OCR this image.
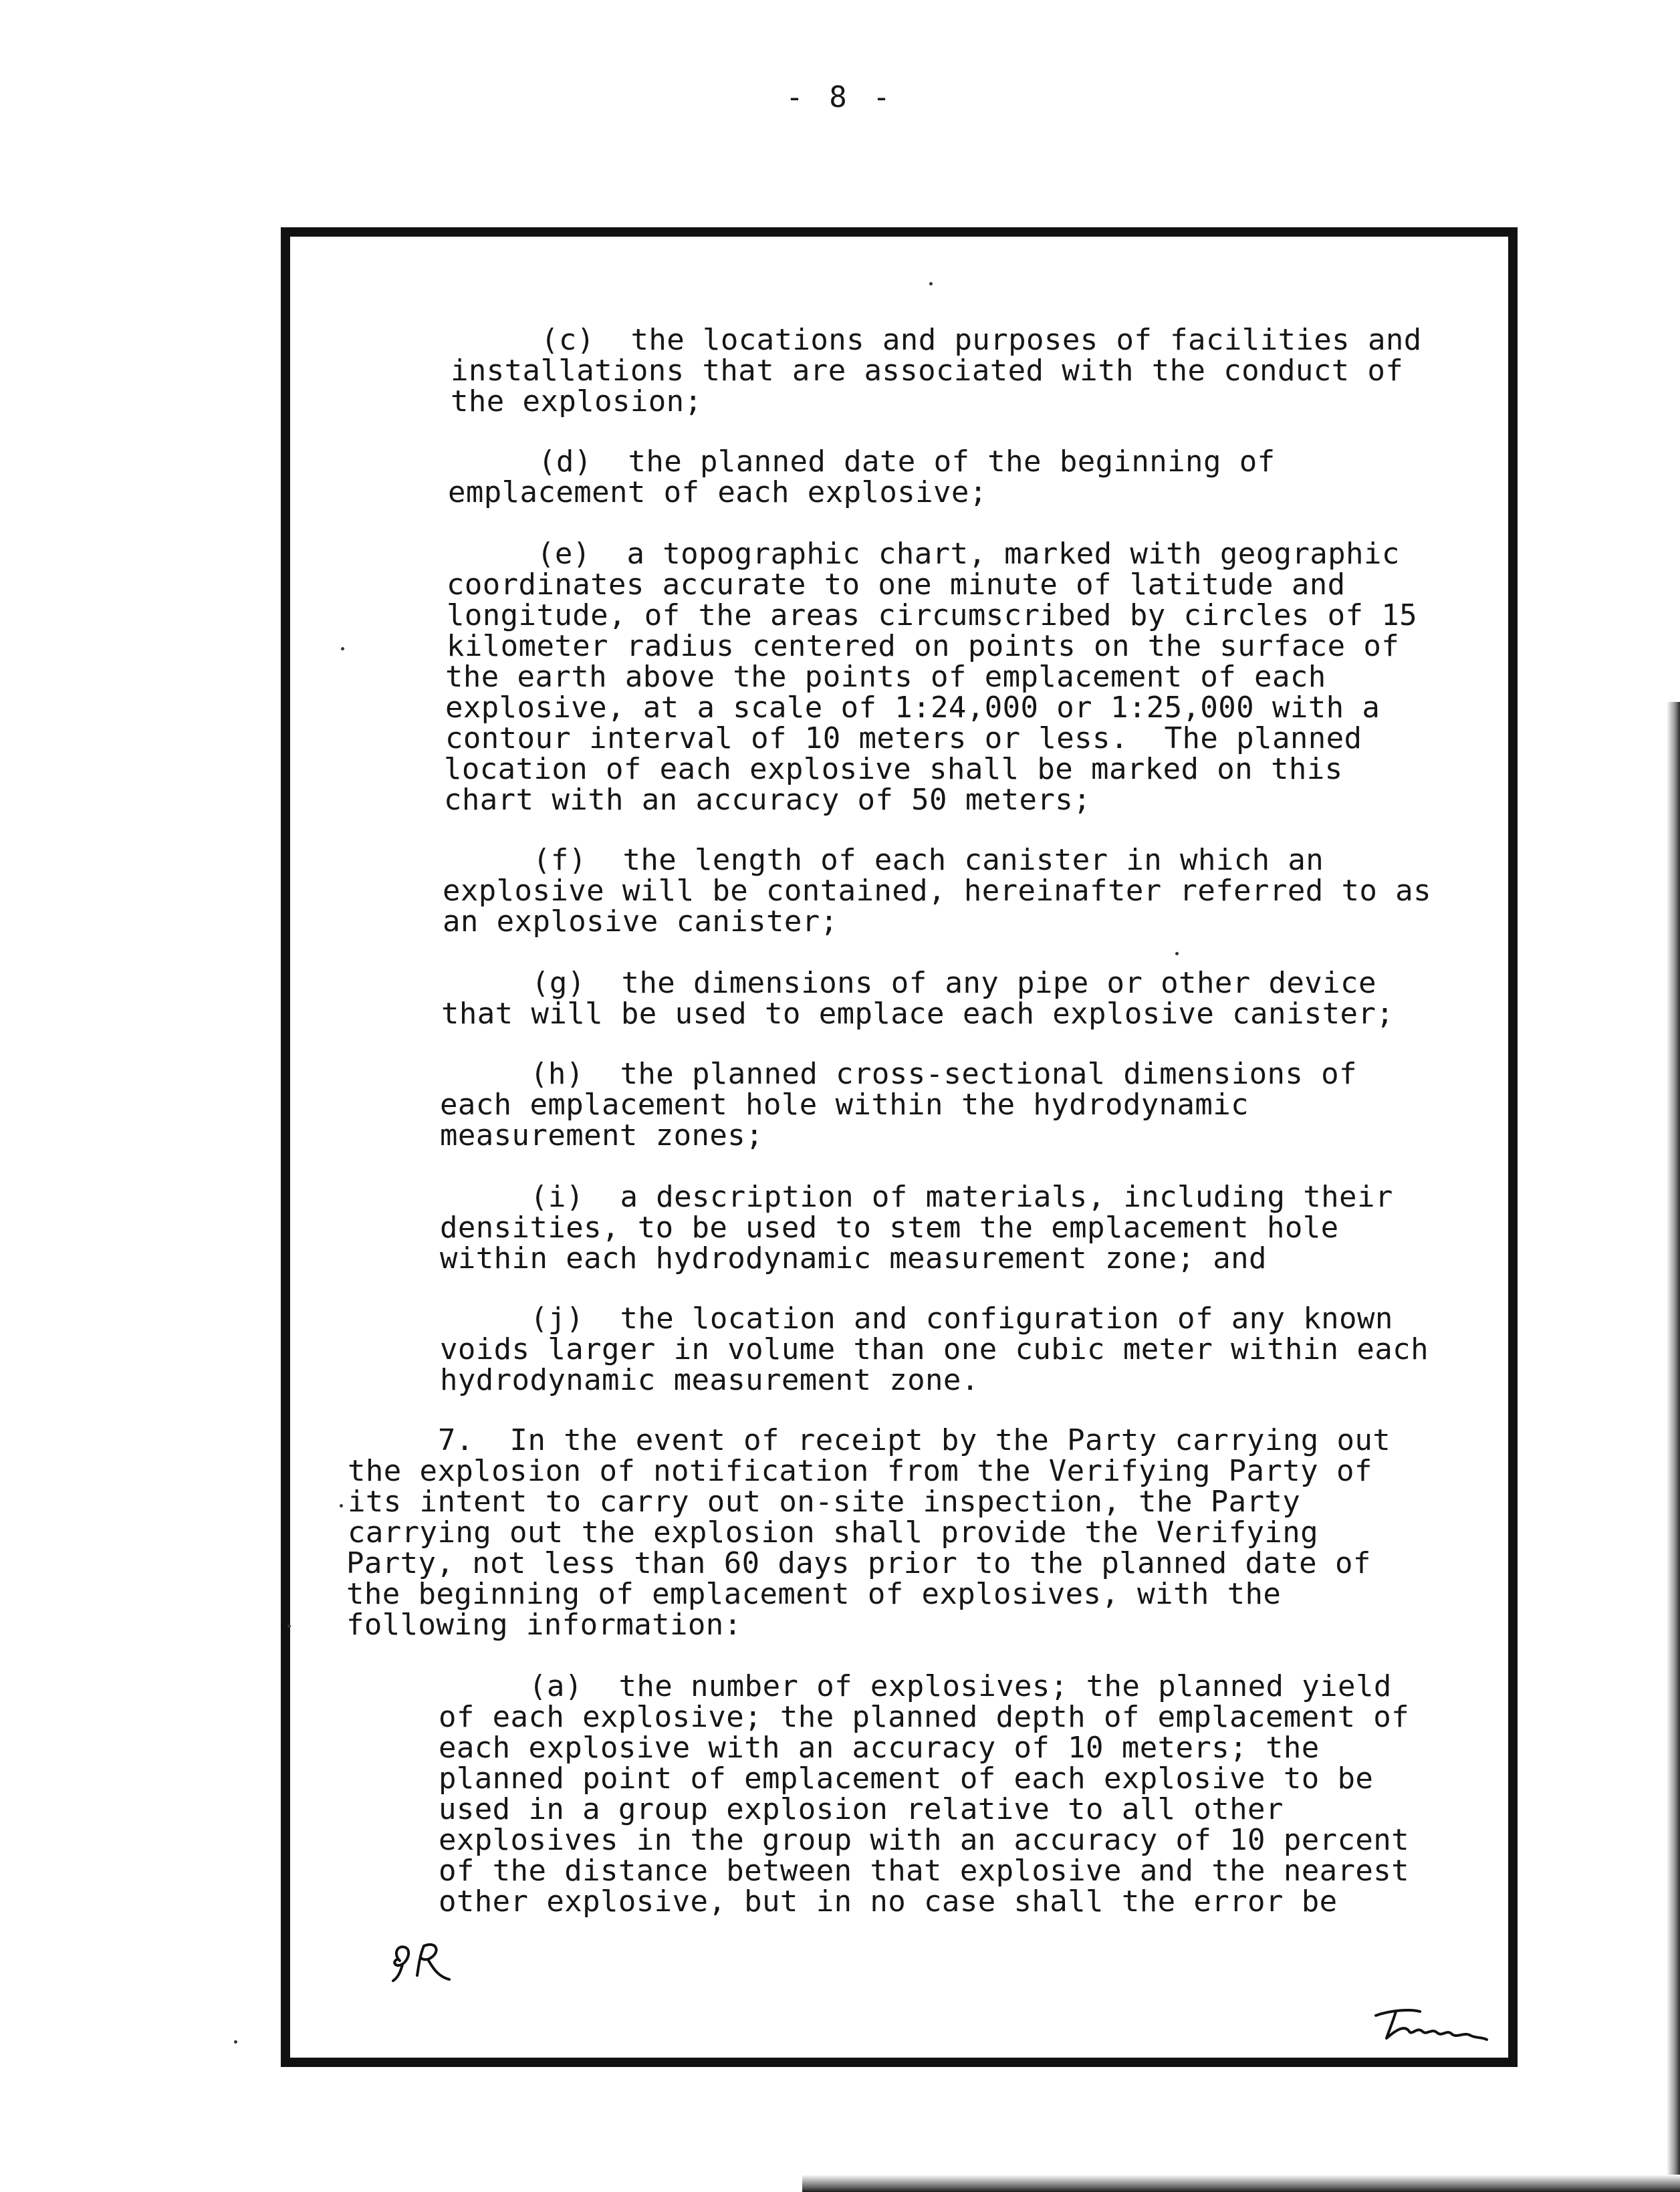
- 8 -
(c)  the locations and purposes of facilities and
installations that are associated with the conduct of
the explosion;
(d)  the planned date of the beginning of
emplacement of each explosive;
(e)  a topographic chart, marked with geographic
coordinates accurate to one minute of latitude and
longitude, of the areas circumscribed by circles of 15
kilometer radius centered on points on the surface of
the earth above the points of emplacement of each
explosive, at a scale of 1:24,000 or 1:25,000 with a
contour interval of 10 meters or less.  The planned
location of each explosive shall be marked on this
chart with an accuracy of 50 meters;
(f)  the length of each canister in which an
explosive will be contained, hereinafter referred to as
an explosive canister;
(g)  the dimensions of any pipe or other device
that will be used to emplace each explosive canister;
(h)  the planned cross-sectional dimensions of
each emplacement hole within the hydrodynamic
measurement zones;
(i)  a description of materials, including their
densities, to be used to stem the emplacement hole
within each hydrodynamic measurement zone; and
(j)  the location and configuration of any known
voids larger in volume than one cubic meter within each
hydrodynamic measurement zone.
7.  In the event of receipt by the Party carrying out
the explosion of notification from the Verifying Party of
its intent to carry out on-site inspection, the Party
carrying out the explosion shall provide the Verifying
Party, not less than 60 days prior to the planned date of
the beginning of emplacement of explosives, with the
following information:
(a)  the number of explosives; the planned yield
of each explosive; the planned depth of emplacement of
each explosive with an accuracy of 10 meters; the
planned point of emplacement of each explosive to be
used in a group explosion relative to all other
explosives in the group with an accuracy of 10 percent
of the distance between that explosive and the nearest
other explosive, but in no case shall the error be
